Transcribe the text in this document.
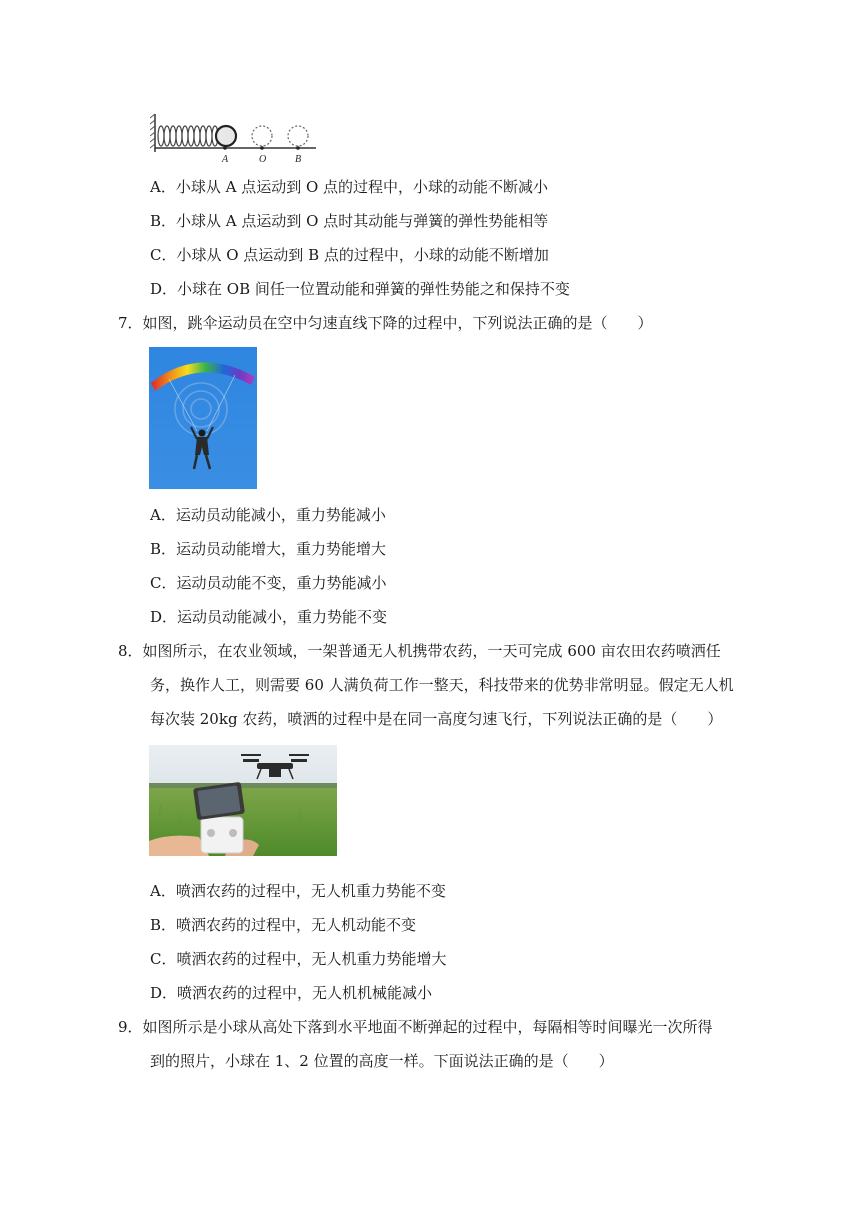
A	O	B
A．小球从 A 点运动到 O 点的过程中，小球的动能不断减小
B．小球从 A 点运动到 O 点时其动能与弹簧的弹性势能相等
C．小球从 O 点运动到 B 点的过程中，小球的动能不断增加
D．小球在 OB 间任一位置动能和弹簧的弹性势能之和保持不变
7．如图，跳伞运动员在空中匀速直线下降的过程中，下列说法正确的是（　　）
A．运动员动能减小，重力势能减小
B．运动员动能增大，重力势能增大
C．运动员动能不变，重力势能减小
D．运动员动能减小，重力势能不变
8．如图所示，在农业领域，一架普通无人机携带农药，一天可完成 600 亩农田农药喷洒任
务，换作人工，则需要 60 人满负荷工作一整天，科技带来的优势非常明显。假定无人机
每次装 20kg 农药，喷洒的过程中是在同一高度匀速飞行，下列说法正确的是（　　）
A．喷洒农药的过程中，无人机重力势能不变
B．喷洒农药的过程中，无人机动能不变
C．喷洒农药的过程中，无人机重力势能增大
D．喷洒农药的过程中，无人机机械能减小
9．如图所示是小球从高处下落到水平地面不断弹起的过程中，每隔相等时间曝光一次所得
到的照片，小球在 1、2 位置的高度一样。下面说法正确的是（　　）
